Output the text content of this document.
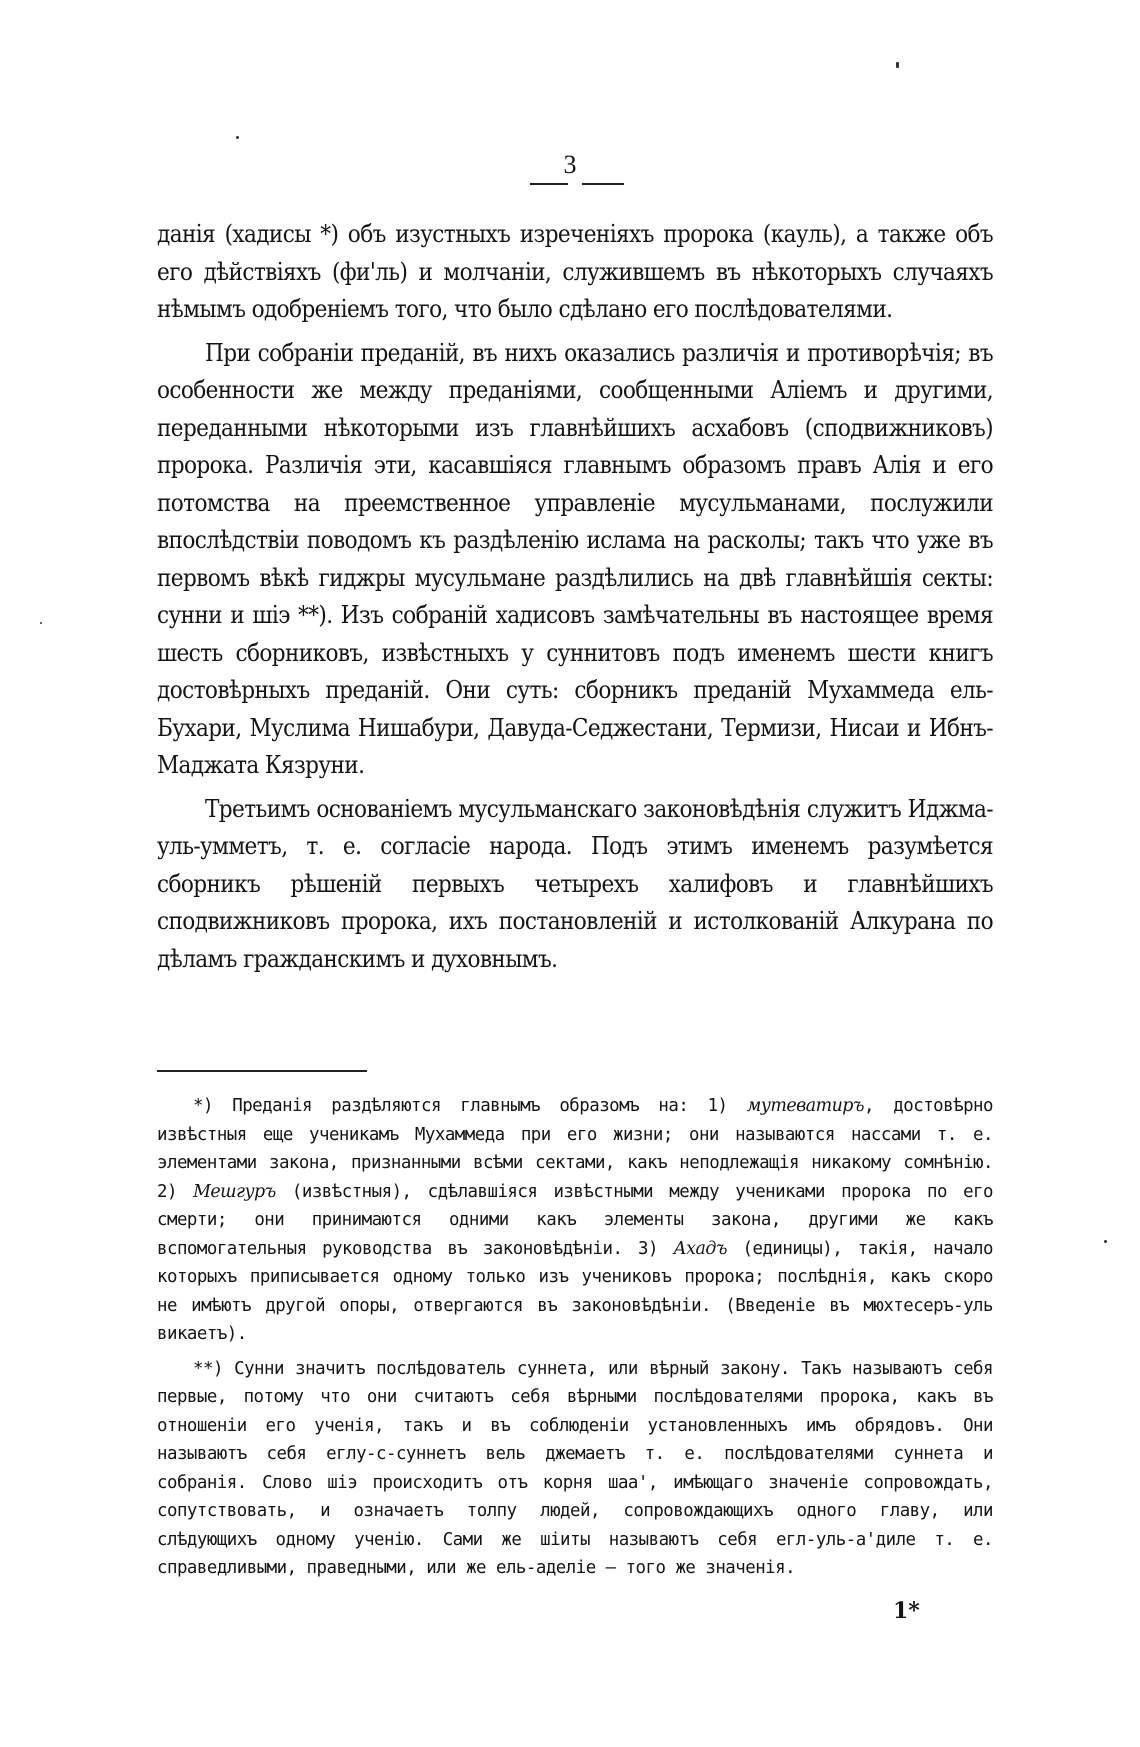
3

данія (хадисы *) объ изустныхъ изреченіяхъ пророка (кауль), а также объ его дѣйствіяхъ (фи'ль) и молчаніи, служившемъ въ нѣкоторыхъ случаяхъ нѣмымъ одобреніемъ того, что было сдѣлано его послѣдователями.

При собраніи преданій, въ нихъ оказались различія и противорѣчія; въ особенности же между преданіями, сообщенными Аліемъ и другими, переданными нѣкоторыми изъ главнѣйшихъ асхабовъ (сподвижниковъ) пророка. Различія эти, касавшіяся главнымъ образомъ правъ Алія и его потомства на преемственное управленіе мусульманами, послужили впослѣдствіи поводомъ къ раздѣленію ислама на расколы; такъ что уже въ первомъ вѣкѣ гиджры мусульмане раздѣлились на двѣ главнѣйшія секты: сунни и шіэ **). Изъ собраній хадисовъ замѣчательны въ настоящее время шесть сборниковъ, извѣстныхъ у суннитовъ подъ именемъ шести книгъ достовѣрныхъ преданій. Они суть: сборникъ преданій Мухаммеда ель-Бухари, Муслима Нишабури, Давуда-Седжестани, Термизи, Нисаи и Ибнъ-Маджата Кязруни.

Третьимъ основаніемъ мусульманскаго законовѣдѣнія служитъ Иджма-уль-умметъ, т. е. согласіе народа. Подъ этимъ именемъ разумѣется сборникъ рѣшеній первыхъ четырехъ халифовъ и главнѣйшихъ сподвижниковъ пророка, ихъ постановленій и истолкованій Алкурана по дѣламъ гражданскимъ и духовнымъ.

*) Преданія раздѣляются главнымъ образомъ на: 1) мутеватиръ, достовѣрно извѣстныя еще ученикамъ Мухаммеда при его жизни; они называются нассами т. е. элементами закона, признанными всѣми сектами, какъ неподлежащія никакому сомнѣнію. 2) Мешгуръ (извѣстныя), сдѣлавшіяся извѣстными между учениками пророка по его смерти; они принимаются одними какъ элементы закона, другими же какъ вспомогательныя руководства въ законовѣдѣніи. 3) Ахадъ (единицы), такія, начало которыхъ приписывается одному только изъ учениковъ пророка; послѣднія, какъ скоро не имѣютъ другой опоры, отвергаются въ законовѣдѣніи. (Введеніе въ мюхтесеръ-уль викаетъ).

**) Сунни значитъ послѣдователь суннета, или вѣрный закону. Такъ называютъ себя первые, потому что они считаютъ себя вѣрными послѣдователями пророка, какъ въ отношеніи его ученія, такъ и въ соблюденіи установленныхъ имъ обрядовъ. Они называютъ себя еглу-с-суннетъ вель джемаетъ т. е. послѣдователями суннета и собранія. Слово шіэ происходитъ отъ корня шаа', имѣющаго значеніе сопровождать, сопутствовать, и означаетъ толпу людей, сопровождающихъ одного главу, или слѣдующихъ одному ученію. Сами же шіиты называютъ себя егл-уль-а'диле т. е. справедливыми, праведными, или же ель-аделіе — того же значенія.

1*
